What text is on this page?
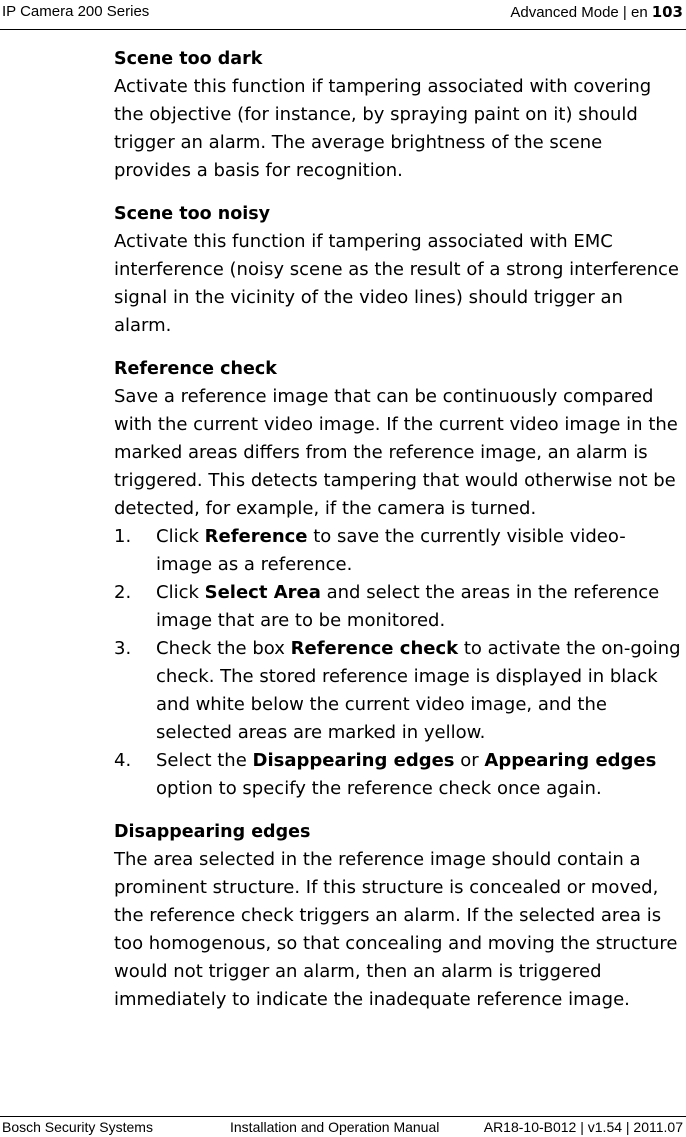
IP Camera 200 Series	Advanced Mode | en 103
Scene too dark

Activate this function if tampering associated with covering the objective (for instance, by spraying paint on it) should trigger an alarm. The average brightness of the scene provides a basis for recognition.

Scene too noisy

Activate this function if tampering associated with EMC interference (noisy scene as the result of a strong interference signal in the vicinity of the video lines) should trigger an alarm.

Reference check

Save a reference image that can be continuously compared with the current video image. If the current video image in the marked areas differs from the reference image, an alarm is triggered. This detects tampering that would otherwise not be detected, for example, if the camera is turned.

1. Click Reference to save the currently visible video- image as a reference.
2. Click Select Area and select the areas in the reference image that are to be monitored.
3. Check the box Reference check to activate the on-going check. The stored reference image is displayed in black and white below the current video image, and the selected areas are marked in yellow.
4. Select the Disappearing edges or Appearing edges option to specify the reference check once again.
Disappearing edges

The area selected in the reference image should contain a prominent structure. If this structure is concealed or moved, the reference check triggers an alarm. If the selected area is too homogenous, so that concealing and moving the structure would not trigger an alarm, then an alarm is triggered immediately to indicate the inadequate reference image.

Bosch Security Systems	Installation and Operation Manual	AR18-10-B012 | v1.54 | 2011.07
